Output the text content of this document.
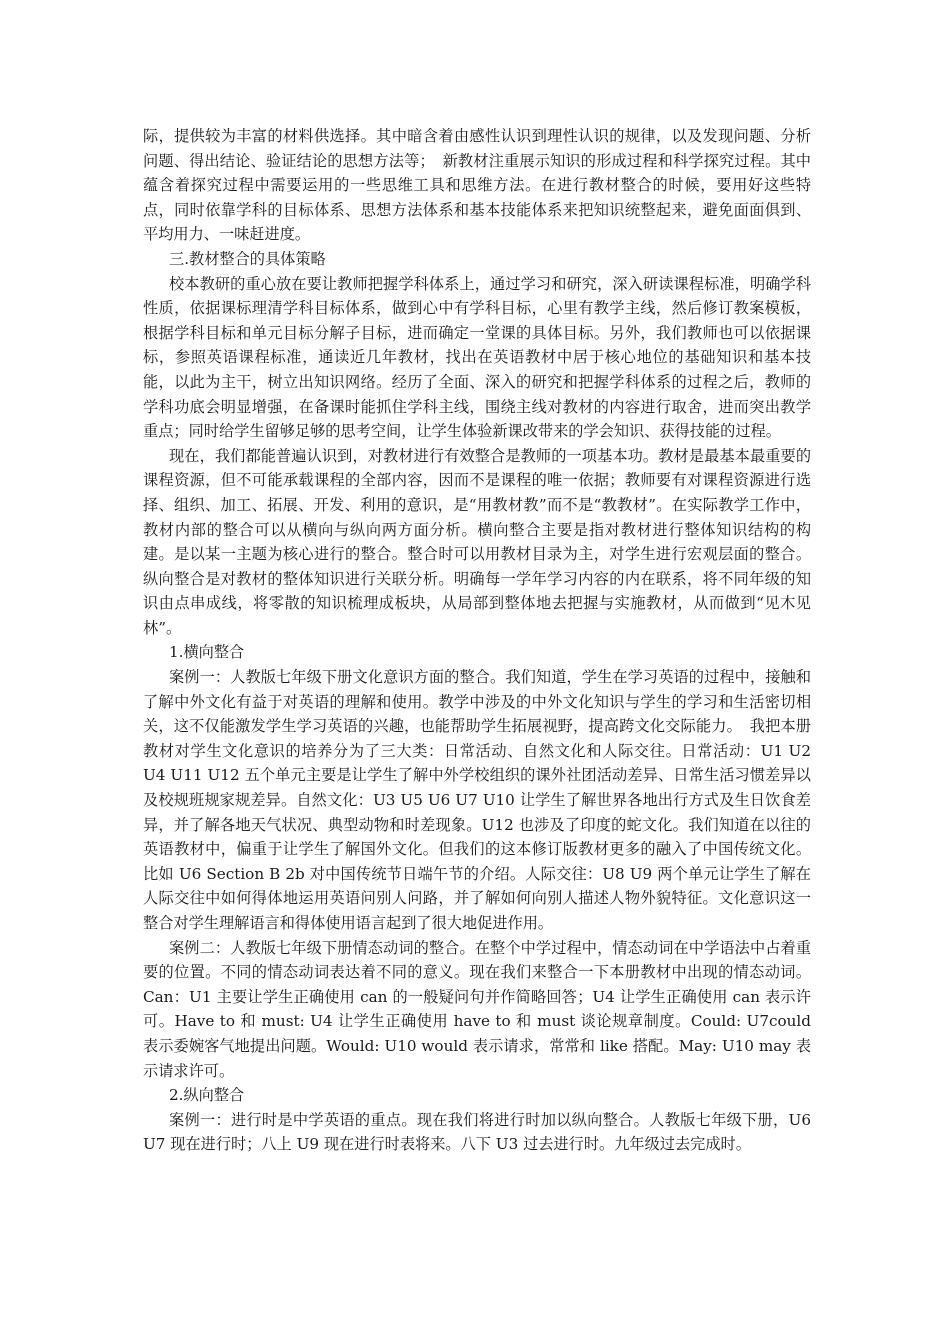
际，提供较为丰富的材料供选择。其中暗含着由感性认识到理性认识的规律，以及发现问题、分析问题、得出结论、验证结论的思想方法等；　新教材注重展示知识的形成过程和科学探究过程。其中蕴含着探究过程中需要运用的一些思维工具和思维方法。在进行教材整合的时候，要用好这些特点，同时依靠学科的目标体系、思想方法体系和基本技能体系来把知识统整起来，避免面面俱到、平均用力、一味赶进度。

三.教材整合的具体策略

校本教研的重心放在要让教师把握学科体系上，通过学习和研究，深入研读课程标准，明确学科性质，依据课标理清学科目标体系，做到心中有学科目标，心里有教学主线，然后修订教案模板，根据学科目标和单元目标分解子目标，进而确定一堂课的具体目标。另外，我们教师也可以依据课标，参照英语课程标准，通读近几年教材，找出在英语教材中居于核心地位的基础知识和基本技能，以此为主干，树立出知识网络。经历了全面、深入的研究和把握学科体系的过程之后，教师的学科功底会明显增强，在备课时能抓住学科主线，围绕主线对教材的内容进行取舍，进而突出教学重点；同时给学生留够足够的思考空间，让学生体验新课改带来的学会知识、获得技能的过程。

现在，我们都能普遍认识到，对教材进行有效整合是教师的一项基本功。教材是最基本最重要的课程资源，但不可能承载课程的全部内容，因而不是课程的唯一依据；教师要有对课程资源进行选择、组织、加工、拓展、开发、利用的意识，是“用教材教”而不是“教教材”。在实际教学工作中，教材内部的整合可以从横向与纵向两方面分析。横向整合主要是指对教材进行整体知识结构的构建。是以某一主题为核心进行的整合。整合时可以用教材目录为主，对学生进行宏观层面的整合。纵向整合是对教材的整体知识进行关联分析。明确每一学年学习内容的内在联系，将不同年级的知识由点串成线，将零散的知识梳理成板块，从局部到整体地去把握与实施教材，从而做到“见木见林”。

1.横向整合

案例一：人教版七年级下册文化意识方面的整合。我们知道，学生在学习英语的过程中，接触和了解中外文化有益于对英语的理解和使用。教学中涉及的中外文化知识与学生的学习和生活密切相关，这不仅能激发学生学习英语的兴趣，也能帮助学生拓展视野，提高跨文化交际能力。　我把本册教材对学生文化意识的培养分为了三大类：日常活动、自然文化和人际交往。日常活动：U1 U2 U4 U11 U12 五个单元主要是让学生了解中外学校组织的课外社团活动差异、日常生活习惯差异以及校规班规家规差异。自然文化：U3 U5 U6 U7 U10 让学生了解世界各地出行方式及生日饮食差异，并了解各地天气状况、典型动物和时差现象。U12 也涉及了印度的蛇文化。我们知道在以往的英语教材中，偏重于让学生了解国外文化。但我们的这本修订版教材更多的融入了中国传统文化。比如 U6 Section B 2b 对中国传统节日端午节的介绍。人际交往：U8 U9 两个单元让学生了解在人际交往中如何得体地运用英语问别人问路，并了解如何向别人描述人物外貌特征。文化意识这一整合对学生理解语言和得体使用语言起到了很大地促进作用。

案例二：人教版七年级下册情态动词的整合。在整个中学过程中，情态动词在中学语法中占着重要的位置。不同的情态动词表达着不同的意义。现在我们来整合一下本册教材中出现的情态动词。Can：U1 主要让学生正确使用 can 的一般疑问句并作简略回答；U4 让学生正确使用 can 表示许可。Have to 和 must: U4 让学生正确使用 have to 和 must 谈论规章制度。Could: U7could 表示委婉客气地提出问题。Would: U10 would 表示请求，常常和 like 搭配。May: U10 may 表示请求许可。

2.纵向整合

案例一：进行时是中学英语的重点。现在我们将进行时加以纵向整合。人教版七年级下册，U6 U7 现在进行时；八上 U9 现在进行时表将来。八下 U3 过去进行时。九年级过去完成时。
